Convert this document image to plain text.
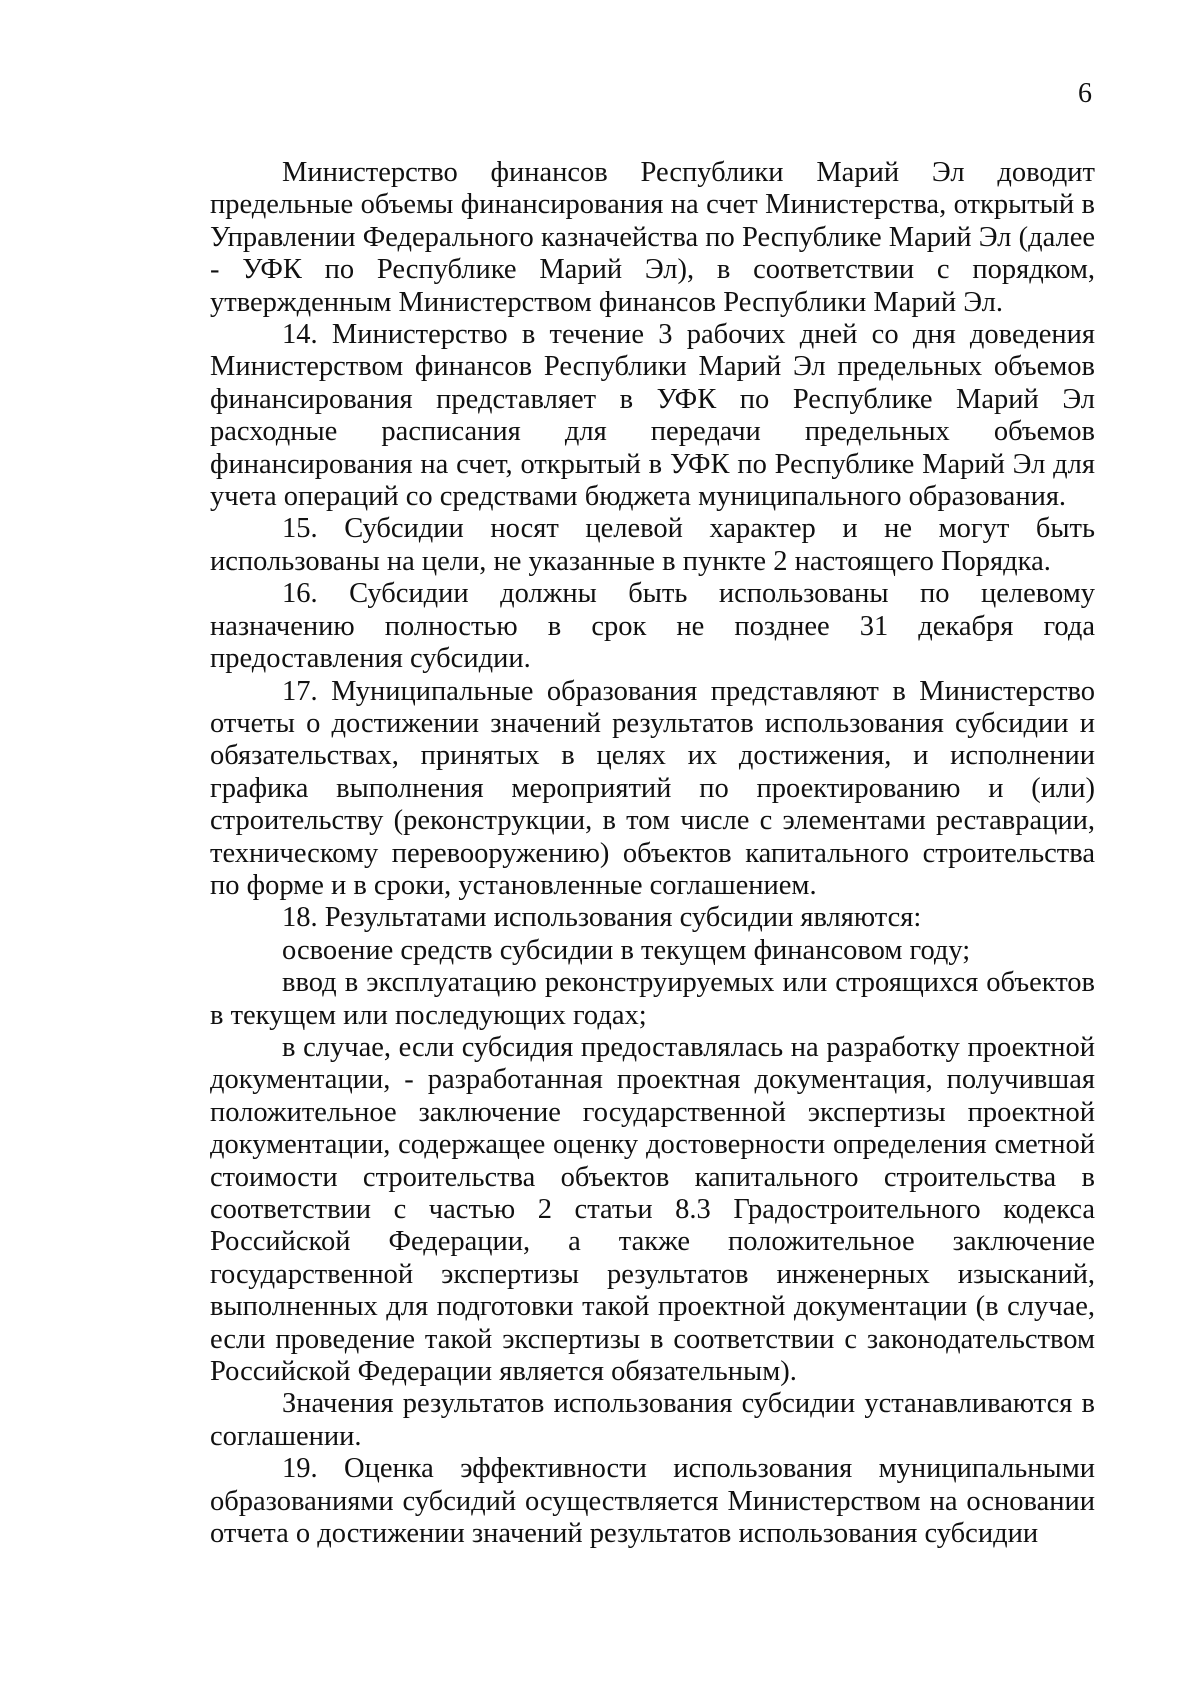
6

Министерство финансов Республики Марий Эл доводит предельные объемы финансирования на счет Министерства, открытый в Управлении Федерального казначейства по Республике Марий Эл (далее - УФК по Республике Марий Эл), в соответствии с порядком, утвержденным Министерством финансов Республики Марий Эл.

14. Министерство в течение 3 рабочих дней со дня доведения Министерством финансов Республики Марий Эл предельных объемов финансирования представляет в УФК по Республике Марий Эл расходные расписания для передачи предельных объемов финансирования на счет, открытый в УФК по Республике Марий Эл для учета операций со средствами бюджета муниципального образования.

15. Субсидии носят целевой характер и не могут быть использованы на цели, не указанные в пункте 2 настоящего Порядка.

16. Субсидии должны быть использованы по целевому назначению полностью в срок не позднее 31 декабря года предоставления субсидии.

17. Муниципальные образования представляют в Министерство отчеты о достижении значений результатов использования субсидии и обязательствах, принятых в целях их достижения, и исполнении графика выполнения мероприятий по проектированию и (или) строительству (реконструкции, в том числе с элементами реставрации, техническому перевооружению) объектов капитального строительства по форме и в сроки, установленные соглашением.

18. Результатами использования субсидии являются:

освоение средств субсидии в текущем финансовом году;

ввод в эксплуатацию реконструируемых или строящихся объектов в текущем или последующих годах;

в случае, если субсидия предоставлялась на разработку проектной документации, - разработанная проектная документация, получившая положительное заключение государственной экспертизы проектной документации, содержащее оценку достоверности определения сметной стоимости строительства объектов капитального строительства в соответствии с частью 2 статьи 8.3 Градостроительного кодекса Российской Федерации, а также положительное заключение государственной экспертизы результатов инженерных изысканий, выполненных для подготовки такой проектной документации (в случае, если проведение такой экспертизы в соответствии с законодательством Российской Федерации является обязательным).

Значения результатов использования субсидии устанавливаются в соглашении.

19. Оценка эффективности использования муниципальными образованиями субсидий осуществляется Министерством на основании отчета о достижении значений результатов использования субсидии
